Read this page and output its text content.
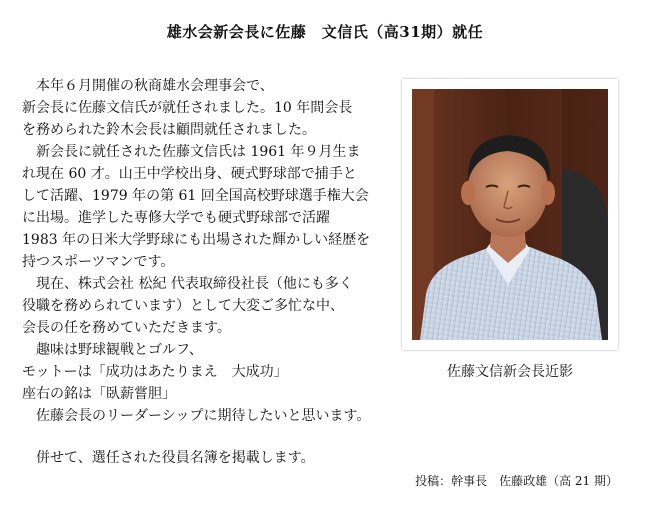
雄水会新会長に佐藤　文信氏（高31期）就任

　本年６月開催の秋商雄水会理事会で、

新会長に佐藤文信氏が就任されました。10 年間会長

を務められた鈴木会長は顧問就任されました。

　新会長に就任された佐藤文信氏は 1961 年９月生ま

れ現在 60 才。山王中学校出身、硬式野球部で捕手と

して活躍、1979 年の第 61 回全国高校野球選手権大会

に出場。進学した専修大学でも硬式野球部で活躍

1983 年の日米大学野球にも出場された輝かしい経歴を

持つスポーツマンです。

　現在、株式会社 松紀 代表取締役社長（他にも多く

役職を務められています）として大変ご多忙な中、

会長の任を務めていただきます。

　趣味は野球観戦とゴルフ、

モットーは「成功はあたりまえ　大成功」

座右の銘は「臥薪嘗胆」

　佐藤会長のリーダーシップに期待したいと思います。

　併せて、選任された役員名簿を掲載します。

佐藤文信新会長近影
投稿：幹事長　佐藤政雄（高 21 期）
